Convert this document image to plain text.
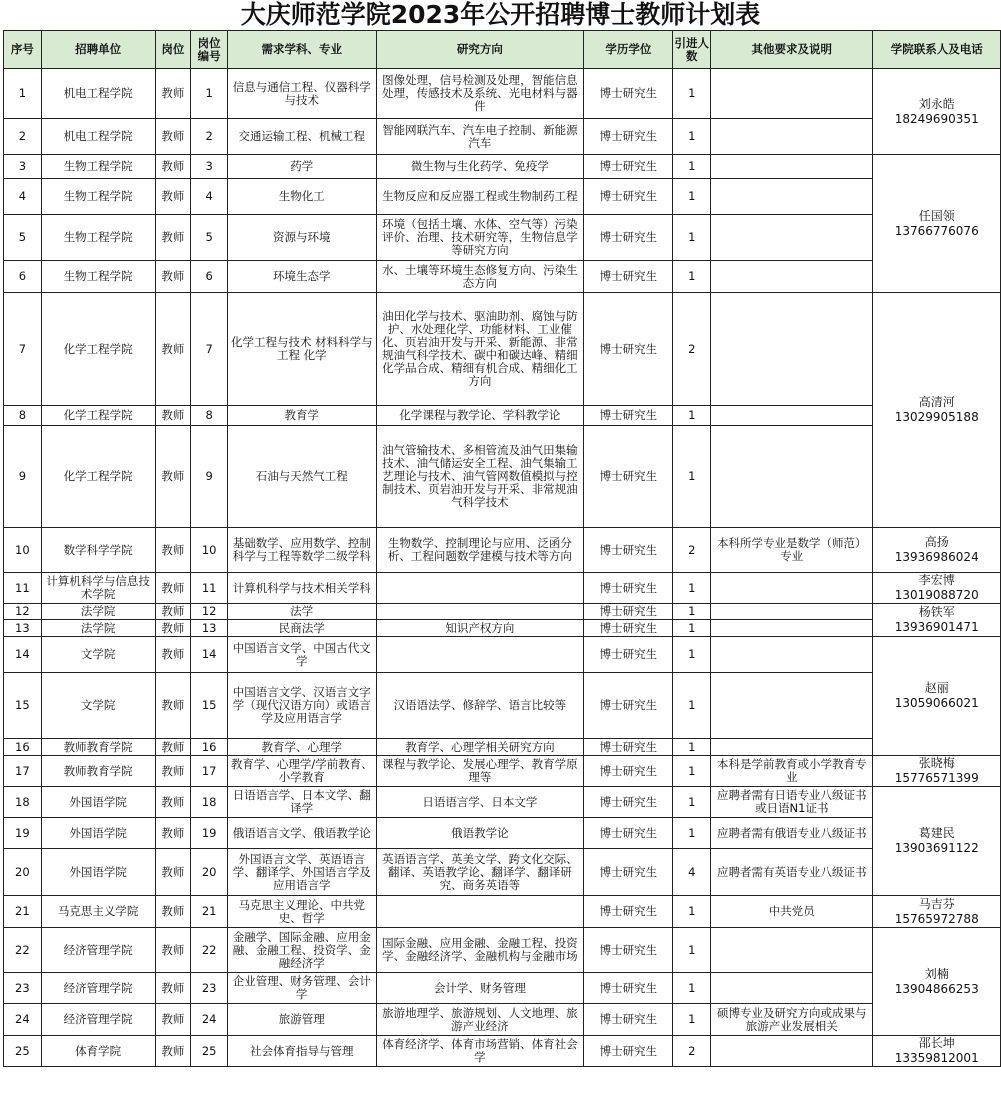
大庆师范学院2023年公开招聘博士教师计划表
序号	招聘单位	岗位	岗位编号	需求学科、专业	研究方向	学历学位	引进人数	其他要求及说明	学院联系人及电话
1	机电工程学院	教师	1	信息与通信工程、仪器科学与技术	图像处理，信号检测及处理，智能信息处理，传感技术及系统、光电材料与器件	博士研究生	1		刘永皓
18249690351

2	机电工程学院	教师	2	交通运输工程、机械工程	智能网联汽车、汽车电子控制、新能源汽车	博士研究生	1		
3	生物工程学院	教师	3	药学	微生物与生化药学、免疫学	博士研究生	1		任国领
13766776076

4	生物工程学院	教师	4	生物化工	生物反应和反应器工程或生物制药工程	博士研究生	1		
5	生物工程学院	教师	5	资源与环境	环境（包括土壤、水体、空气等）污染评价、治理、技术研究等，生物信息学等研究方向	博士研究生	1		
6	生物工程学院	教师	6	环境生态学	水、土壤等环境生态修复方向、污染生态方向	博士研究生	1		
7	化学工程学院	教师	7	化学工程与技术 材料科学与工程 化学	油田化学与技术、驱油助剂、腐蚀与防护、水处理化学、功能材料、工业催化、页岩油开发与开采、新能源、非常规油气科学技术、碳中和碳达峰、精细化学品合成、精细有机合成、精细化工方向	博士研究生	2		高清河
13029905188

8	化学工程学院	教师	8	教育学	化学课程与教学论、学科教学论	博士研究生	1		
9	化学工程学院	教师	9	石油与天然气工程	油气管输技术、多相管流及油气田集输技术、油气储运安全工程、油气集输工艺理论与技术、油气管网数值模拟与控制技术、页岩油开发与开采、非常规油气科学技术	博士研究生	1		
10	数学科学学院	教师	10	基础数学、应用数学、控制科学与工程等数学二级学科	生物数学、控制理论与应用、泛函分析、工程问题数学建模与技术等方向	博士研究生	2	本科所学专业是数学（师范）专业	高扬
13936986024

11	计算机科学与信息技术学院	教师	11	计算机科学与技术相关学科		博士研究生	1		李宏博
13019088720

12	法学院	教师	12	法学		博士研究生	1		杨铁军
13936901471

13	法学院	教师	13	民商法学	知识产权方向	博士研究生	1		
14	文学院	教师	14	中国语言文学、中国古代文学		博士研究生	1		赵丽
13059066021

15	文学院	教师	15	中国语言文学、汉语言文字学（现代汉语方向）或语言学及应用语言学	汉语语法学、修辞学、语言比较等	博士研究生	1		
16	教师教育学院	教师	16	教育学、心理学	教育学、心理学相关研究方向	博士研究生	1		
17	教师教育学院	教师	17	教育学、心理学/学前教育、小学教育	课程与教学论、发展心理学、教育学原理等	博士研究生	1	本科是学前教育或小学教育专业	张晓梅
15776571399

18	外国语学院	教师	18	日语语言学、日本文学、翻译学	日语语言学、日本文学	博士研究生	1	应聘者需有日语专业八级证书或日语N1证书	葛建民
13903691122

19	外国语学院	教师	19	俄语语言文学、俄语教学论	俄语教学论	博士研究生	1	应聘者需有俄语专业八级证书	
20	外国语学院	教师	20	外国语言文学、英语语言学、翻译学、外国语言学及应用语言学	英语语言学、英美文学、跨文化交际、翻译、英语教学论、翻译学、翻译研究、商务英语等	博士研究生	4	应聘者需有英语专业八级证书	
21	马克思主义学院	教师	21	马克思主义理论、中共党史、哲学		博士研究生	1	中共党员	马吉芬
15765972788

22	经济管理学院	教师	22	金融学、国际金融、应用金融、金融工程、投资学、金融经济学	国际金融、应用金融、金融工程、投资学、金融经济学、金融机构与金融市场	博士研究生	1		刘楠
13904866253

23	经济管理学院	教师	23	企业管理、财务管理、会计学	会计学、财务管理	博士研究生	1		
24	经济管理学院	教师	24	旅游管理	旅游地理学、旅游规划、人文地理、旅游产业经济	博士研究生	1	硕博专业及研究方向或成果与旅游产业发展相关	
25	体育学院	教师	25	社会体育指导与管理	体育经济学、体育市场营销、体育社会学	博士研究生	2		邵长坤
13359812001
